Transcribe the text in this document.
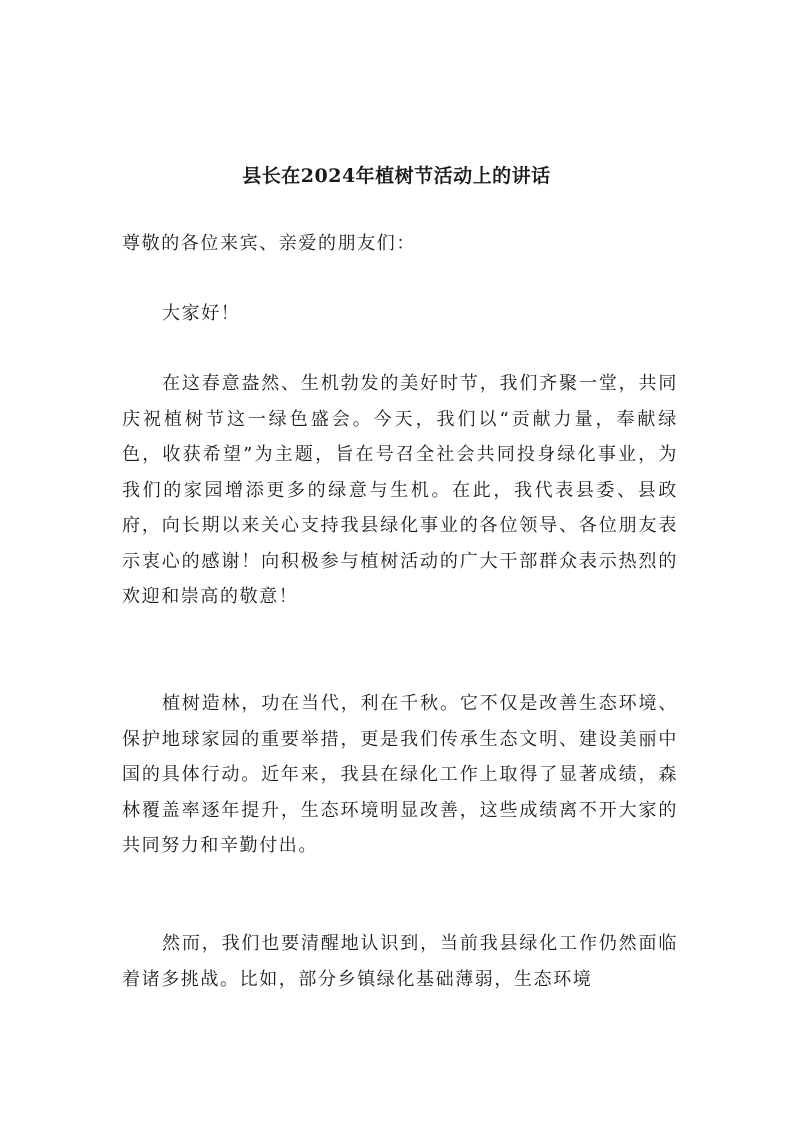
县长在2024年植树节活动上的讲话

尊敬的各位来宾、亲爱的朋友们：

大家好！

在这春意盎然、生机勃发的美好时节，我们齐聚一堂，共同庆祝植树节这一绿色盛会。今天，我们以“贡献力量，奉献绿色，收获希望”为主题，旨在号召全社会共同投身绿化事业，为我们的家园增添更多的绿意与生机。在此，我代表县委、县政府，向长期以来关心支持我县绿化事业的各位领导、各位朋友表示衷心的感谢！向积极参与植树活动的广大干部群众表示热烈的欢迎和崇高的敬意！

植树造林，功在当代，利在千秋。它不仅是改善生态环境、保护地球家园的重要举措，更是我们传承生态文明、建设美丽中国的具体行动。近年来，我县在绿化工作上取得了显著成绩，森林覆盖率逐年提升，生态环境明显改善，这些成绩离不开大家的共同努力和辛勤付出。

然而，我们也要清醒地认识到，当前我县绿化工作仍然面临着诸多挑战。比如，部分乡镇绿化基础薄弱，生态环境
